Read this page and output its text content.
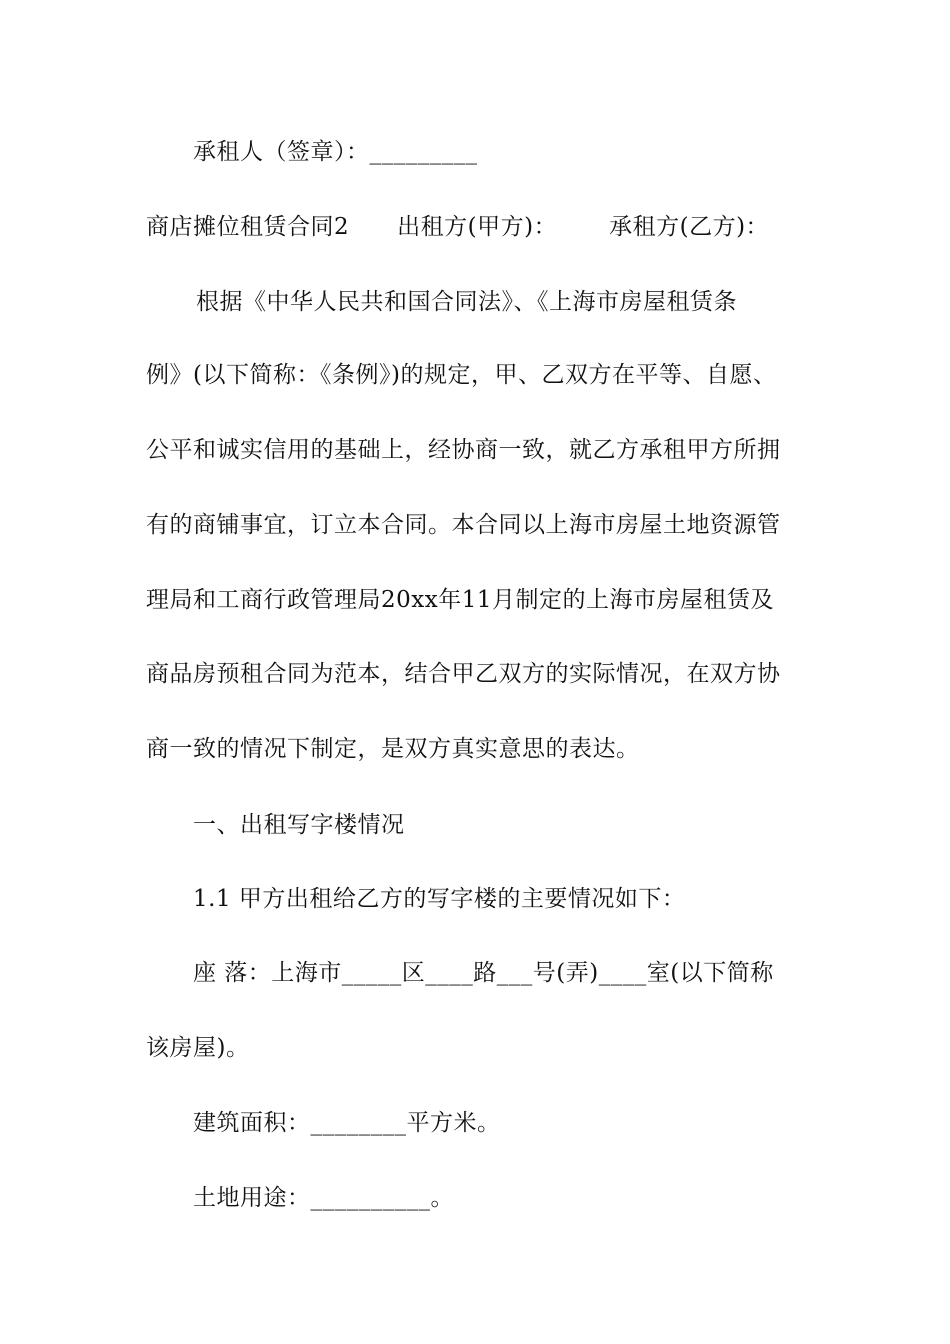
承租人（签章）：_________
商店摊位租赁合同2 出租方(甲方)： 承租方(乙方)：
根据《中华人民共和国合同法》、《上海市房屋租赁条
例》(以下简称：《条例》)的规定，甲、乙双方在平等、自愿、
公平和诚实信用的基础上，经协商一致，就乙方承租甲方所拥
有的商铺事宜，订立本合同。本合同以上海市房屋土地资源管
理局和工商行政管理局20xx年11月制定的上海市房屋租赁及
商品房预租合同为范本，结合甲乙双方的实际情况，在双方协
商一致的情况下制定，是双方真实意思的表达。
一、出租写字楼情况
1.1 甲方出租给乙方的写字楼的主要情况如下：
座 落：上海市_____区____路___号(弄)____室(以下简称
该房屋)。
建筑面积：________平方米。
土地用途：__________。
